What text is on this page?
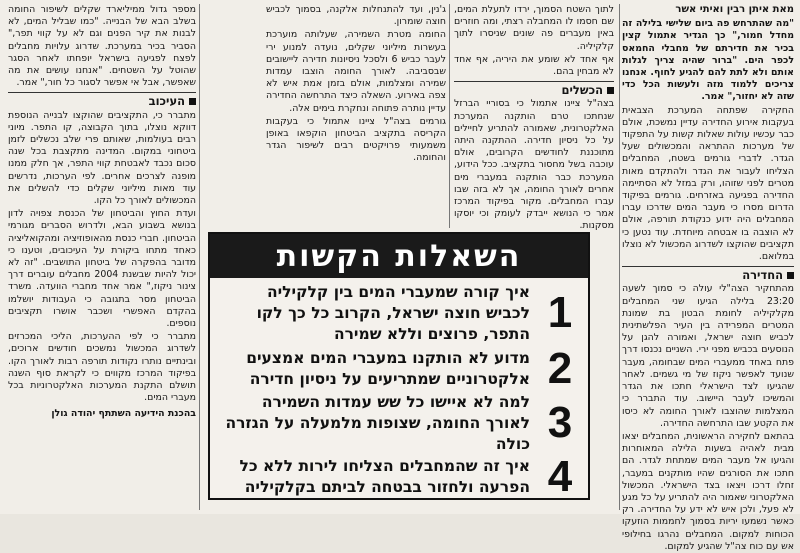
מאת איתן רבין ואיתי אשר

"מה שהתרחש פה ביום שלישי בלילה זה מחדל חמור," כך הגדיר אתמול קצין בכיר את חדירתם של מחבלי החמאס לכפר הים. "ברור שהיה צריך לגלות אותם ולא לתת להם להגיע לחוף. אנחנו צריכים ללמוד מזה ולעשות הכל כדי שזה לא יחזור," אמר.

החקירה שפתחה המערכת הצבאית בעקבות אירוע החדירה עדיין נמשכת, אולם כבר עכשיו עולות שאלות קשות על התפקוד של מערכות ההתראה והמכשולים שעל הגדר. לדברי גורמים בשטח, המחבלים הצליחו לעבור את הגדר ולהתקדם מאות מטרים לפני שזוהו, ורק במזל לא הסתיימה החדירה בפגיעה באזרחים. גורמים בפיקוד הדרום מסרו כי מעבר המים שדרכו עברו המחבלים היה ידוע כנקודת תורפה, אולם לא הוצבה בו אבטחה מיוחדת. עוד נטען כי תקציבים שהוקצו לשדרוג המכשול לא נוצלו במלואם.

החדירה

מהתחקיר הצה"לי עולה כי סמוך לשעה 23:20 בלילה הגיעו שני המחבלים מקלקיליה לחומת הבטון בת שמונת המטרים המפרידה בין העיר הפלשתינית לכביש חוצה ישראל, ואמורה להגן על הנוסעים בכביש מפני ירי. השניים נכנסו דרך פתח באחד ממעברי המים שבחומה, מעבר שנועד לאפשר ניקוז של מי גשמים. לאחר שהגיעו לצד הישראלי חתכו את הגדר והמשיכו לעבר היישוב. עוד התברר כי המצלמות שהוצבו לאורך החומה לא כיסו את הקטע שבו התרחשה החדירה.

בהתאם לחקירה הראשונית, המחבלים יצאו מבית לאהיה בשעות הלילה המאוחרות והגיעו אל מעבר המים שמתחת לגדר. הם חתכו את הסורגים שהיו מותקנים במעבר, זחלו דרכו ויצאו בצד הישראלי. המכשול האלקטרוני שאמור היה להתריע על כל מגע לא פעל, ולכן איש לא ידע על החדירה. רק כאשר נשמעו יריות בסמוך לחממות הוזעקו הכוחות למקום. המחבלים נהרגו בחילופי אש עם כוח צה"ל שהגיע למקום.

לתוך השטח הסמוך, ירדו לתעלת המים, שם חסמו לו המחבלה רצתי, ומה חוזרים באין מעברים פה שונים שניסרו לתוך קלקיליה.

אף אחד לא שומע את היריה, אף אחד לא מבחין בהם.

הכשלים

בצה"ל ציינו אתמול כי בסוריי הברזל שנחתכו טרם הותקנה המערכת האלקטרונית, שאמורה להתריע לחיילים על כל ניסיון חדירה. ההתקנה היתה מתוכננת לחודשים הקרובים, אולם עוכבה בשל מחסור בתקציב. ככל הידוע, המערכת כבר הותקנה במעברי מים אחרים לאורך החומה, אך לא בזה שבו עברו המחבלים. מקור בפיקוד המרכז אמר כי הנושא ייבדק לעומק וכי יוסקו מסקנות.

ג'נין, ועד להתנחלות אלקנה, בסמוך לכביש חוצה שומרון.

החומה מטרת השמירה, שעלותה מוערכת בעשרות מיליוני שקלים, נועדה למנוע ירי לעבר כביש 6 ולסכל ניסיונות חדירה ליישובים שבסביבה. לאורך החומה הוצבו עמדות שמירה ומצלמות, אולם בזמן אמת איש לא צפה באירוע. השאלה כיצד התרחשה החדירה עדיין נותרה פתוחה ונחקרת בימים אלה.

גורמים בצה"ל ציינו אתמול כי בעקבות הקריסה בתקציב הביטחון הוקפאו באופן משמעותי פרויקטים רבים לשיפור הגדר והחומה.

מספר גדול ממיליארד שקלים לשיפור החומה בשלב הבא של הבנייה. "כמו שבליל המים, לא לבנות את קיר הפנים וגם לא על קווי תפר," הסביר בכיר במערכת. שדרוג עלויות מחבלים לפצח לפגיעה בישראל יופחתו לאחר הסגר שהוטל על השטחים. "אנחנו עושים את מה שאפשר, אבל אי אפשר לסגור כל חור," אמר.

העיכוב

מתברר כי, התקציבים שהוקצו לבנייה הנוספת דווקא נוצלו, בתוך הקבוצה, קו התפר. מיוני רבים בעולמות, שאותם פרי שלב נכשלים לזמן ביטחוני במקום. המדינה מתקצבת בכל שנה סכום נכבד לאבטחת קווי התפר, אך חלק ממנו מופנה לצרכים אחרים. לפי הערכות, נדרשים עוד מאות מיליוני שקלים כדי להשלים את המכשולים לאורך כל הקו.

ועדת החוץ והביטחון של הכנסת צפויה לדון בנושא בשבוע הבא, ולדרוש הסברים מגורמי הביטחון. חברי כנסת מהאופוזיציה ומהקואליציה כאחד מתחו ביקורת על העיכובים, וטענו כי מדובר בהפקרה של ביטחון התושבים. "זה לא יכול להיות שבשנת 2004 מחבלים עוברים דרך צינור ניקוז," אמר אחד מחברי הוועדה. משרד הביטחון מסר בתגובה כי העבודות יושלמו בהקדם האפשרי ושכבר אושרו תקציבים נוספים.

מתברר כי לפי ההערכות, הליכי המכרזים לשדרוג המכשול נמשכים חודשים ארוכים, ובינתיים נותרו נקודות תורפה רבות לאורך הקו. בפיקוד המרכז מקווים כי לקראת סוף השנה תושלם התקנת המערכות האלקטרוניות בכל מעברי המים.

בהכנת הידיעה השתתף יהודה גולן
השאלות הקשות
1
איך קורה שמעברי המים בין קלקיליה לכביש חוצה ישראל, הקרוב כל כך לקו התפר, פרוצים וללא שמירה
2
מדוע לא הותקנו במעברי המים אמצעים אלקטרוניים שמתריעים על ניסיון חדירה
3
למה לא איישו כל שש עמדות השמירה לאורך החומה, שצופות מלמעלה על הגזרה כולה
4
איך זה שהמחבלים הצליחו לירות ללא כל הפרעה ולחזור בבטחה לביתם בקלקיליה
